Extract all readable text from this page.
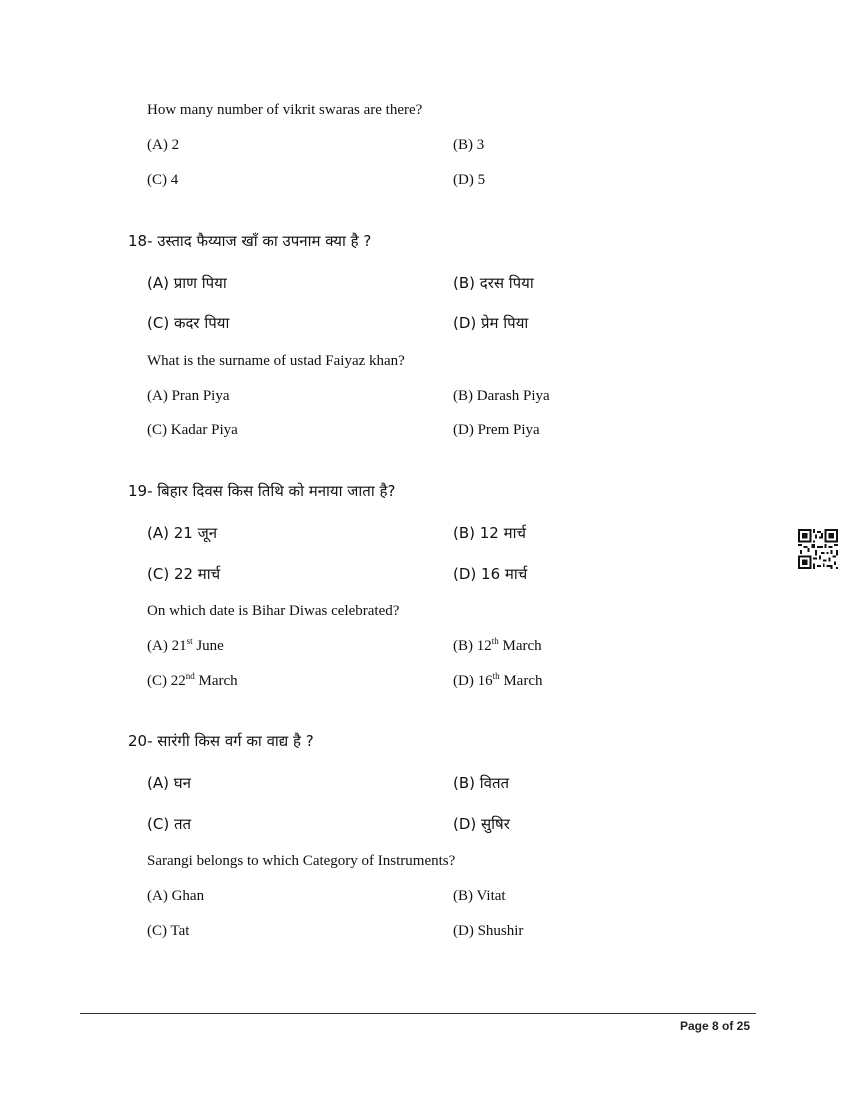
How many number of vikrit swaras are there?
(A) 2	(B) 3
(C) 4	(D) 5
18- उस्ताद फैय्याज खाँ का उपनाम क्या है ?
(A) प्राण पिया	(B) दरस पिया
(C) कदर पिया	(D) प्रेम पिया
What is the surname of ustad Faiyaz khan?
(A) Pran Piya	(B) Darash Piya
(C) Kadar Piya	(D) Prem Piya
19- बिहार दिवस किस तिथि को मनाया जाता है?
(A) 21 जून	(B) 12 मार्च
(C) 22 मार्च	(D) 16 मार्च
On which date is Bihar Diwas celebrated?
(A) 21st June	(B) 12th March
(C) 22nd March	(D) 16th March
20- सारंगी किस वर्ग का वाद्य है ?
(A) घन	(B) वितत
(C) तत	(D) सुषिर
Sarangi belongs to which Category of Instruments?
(A) Ghan	(B) Vitat
(C) Tat	(D) Shushir
Page 8 of 25
